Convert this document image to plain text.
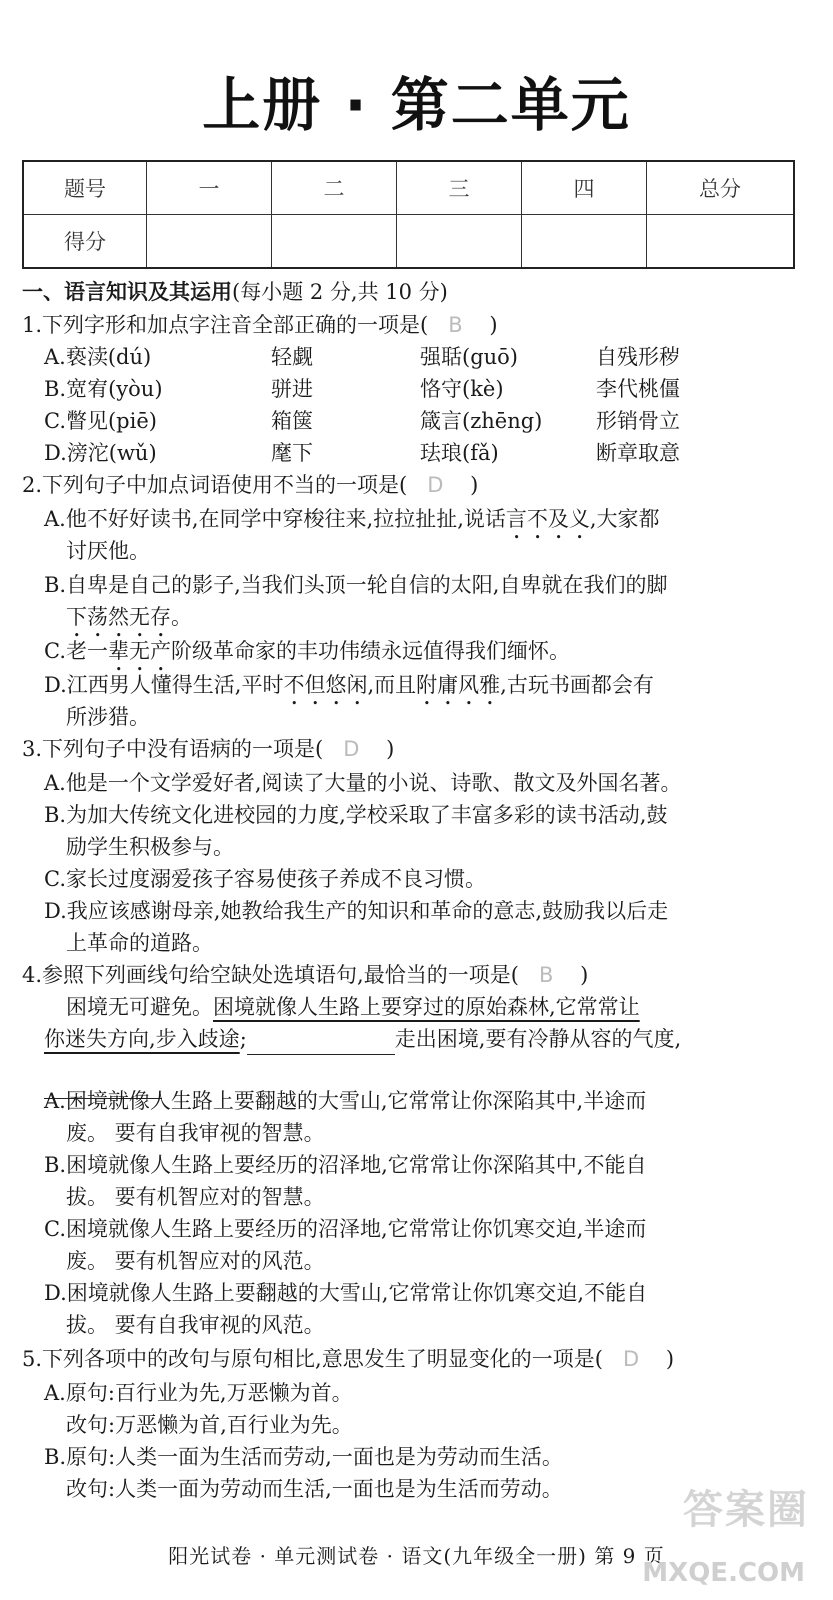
上册 · 第二单元
题号	一	二	三	四	总分
得分					
一、语言知识及其运用(每小题 2 分,共 10 分)
1.下列字形和加点字注音全部正确的一项是( B )
A.亵渎(dú)	轻觑	强聒(guō)	自残形秽
B.宽宥(yòu)	骈进	恪守(kè)	李代桃僵
C.瞥见(piē)	箱箧	箴言(zhēng)	形销骨立
D.滂沱(wǔ)	麾下	珐琅(fǎ)	断章取意
2.下列句子中加点词语使用不当的一项是( D )
A.他不好好读书,在同学中穿梭往来,拉拉扯扯,说话言不及义,大家都
讨厌他。
B.自卑是自己的影子,当我们头顶一轮自信的太阳,自卑就在我们的脚
下荡然无存。
C.老一辈无产阶级革命家的丰功伟绩永远值得我们缅怀。
D.江西男人懂得生活,平时不但悠闲,而且附庸风雅,古玩书画都会有
所涉猎。
3.下列句子中没有语病的一项是( D )
A.他是一个文学爱好者,阅读了大量的小说、诗歌、散文及外国名著。
B.为加大传统文化进校园的力度,学校采取了丰富多彩的读书活动,鼓
励学生积极参与。
C.家长过度溺爱孩子容易使孩子养成不良习惯。
D.我应该感谢母亲,她教给我生产的知识和革命的意志,鼓励我以后走
上革命的道路。
4.参照下列画线句给空缺处选填语句,最恰当的一项是( B )
困境无可避免。困境就像人生路上要穿过的原始森林,它常常让
你迷失方向,步入歧途;	走出困境,要有冷静从容的气度,
A.困境就像人生路上要翻越的大雪山,它常常让你深陷其中,半途而
废。 要有自我审视的智慧。
B.困境就像人生路上要经历的沼泽地,它常常让你深陷其中,不能自
拔。 要有机智应对的智慧。
C.困境就像人生路上要经历的沼泽地,它常常让你饥寒交迫,半途而
废。 要有机智应对的风范。
D.困境就像人生路上要翻越的大雪山,它常常让你饥寒交迫,不能自
拔。 要有自我审视的风范。
5.下列各项中的改句与原句相比,意思发生了明显变化的一项是( D )
A.原句:百行业为先,万恶懒为首。
改句:万恶懒为首,百行业为先。
B.原句:人类一面为生活而劳动,一面也是为劳动而生活。
改句:人类一面为劳动而生活,一面也是为生活而劳动。	答案圈
阳光试卷 · 单元测试卷 · 语文(九年级全一册) 第 9 页
MXQE.COM
